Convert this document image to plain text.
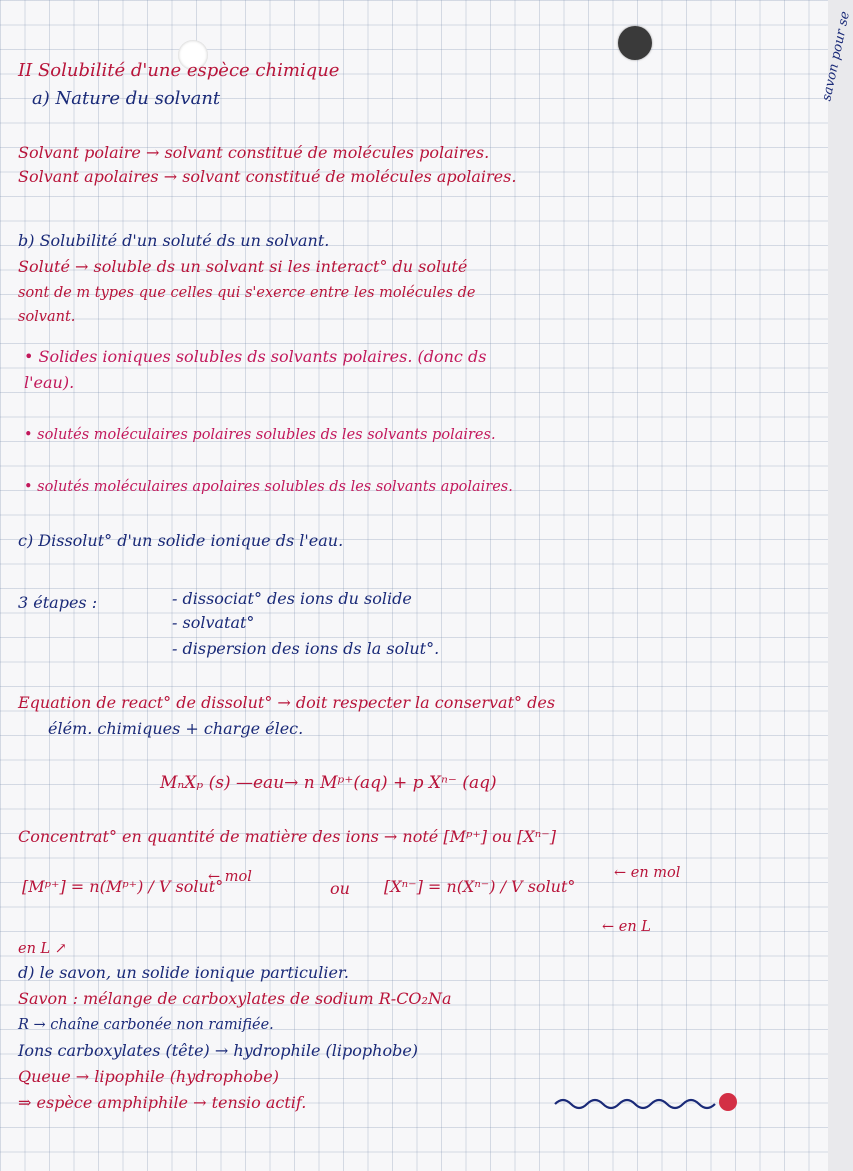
savon pour se
II Solubilité d'une espèce chimique
a) Nature du solvant
Solvant polaire → solvant constitué de molécules polaires.
Solvant apolaires → solvant constitué de molécules apolaires.
b) Solubilité d'un soluté ds un solvant.
Soluté → soluble ds un solvant si les interact° du soluté
sont de m types que celles qui s'exerce entre les molécules de
solvant.
• Solides ioniques solubles ds solvants polaires. (donc ds
l'eau).
• solutés moléculaires polaires solubles ds les solvants polaires.
• solutés moléculaires apolaires solubles ds les solvants apolaires.
c) Dissolut° d'un solide ionique ds l'eau.
3 étapes :	- dissociat° des ions du solide
- solvatat°
- dispersion des ions ds la solut°.
Equation de react° de dissolut° → doit respecter la conservat° des
élém. chimiques + charge élec.
MₙXₚ (s) —eau→ n Mᵖ⁺(aq) + p Xⁿ⁻ (aq)
Concentrat° en quantité de matière des ions → noté [Mᵖ⁺] ou [Xⁿ⁻]
[Mᵖ⁺] = n(Mᵖ⁺) / V solut°
← mol
ou [Xⁿ⁻] = n(Xⁿ⁻) / V solut°
← en mol
← en L
en L ↗
d) le savon, un solide ionique particulier.
Savon : mélange de carboxylates de sodium R-CO₂Na
R → chaîne carbonée non ramifiée.
Ions carboxylates (tête) → hydrophile (lipophobe)
Queue → lipophile (hydrophobe)
⇒ espèce amphiphile → tensio actif.
